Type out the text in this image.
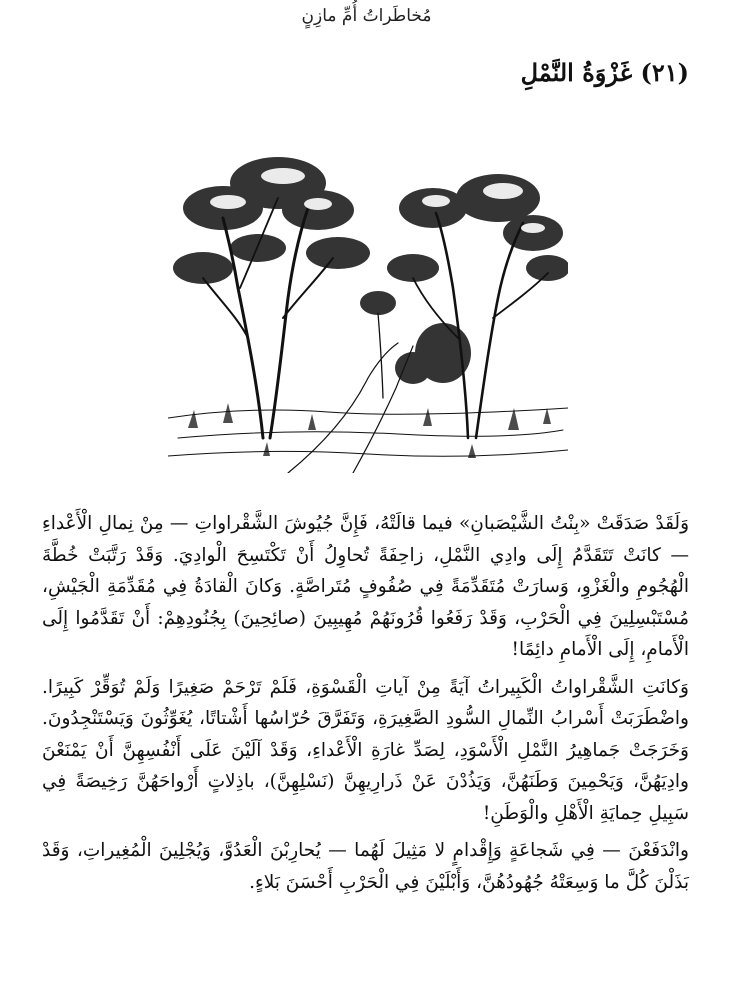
مُخاطَراتُ أُمِّ مازِنٍ
(٢١) غَزْوَةُ النَّمْلِ

وَلَقَدْ صَدَقَتْ «بِنْتُ الشَّيْصَبانِ» فيما قالَتْهُ، فَإِنَّ جُيُوشَ الشَّقْراواتِ — مِنْ نِمالِ الْأَعْداءِ — كانَتْ تَتَقَدَّمُ إِلَى وادِي النَّمْلِ، زاحِفَةً تُحاوِلُ أَنْ تَكْتَسِحَ الْوادِيَ. وَقَدْ رَتَّبَتْ خُطَّةَ الْهُجُومِ والْغَزْوِ، وَسارَتْ مُتَقَدِّمَةً فِي صُفُوفٍ مُتَراصَّةٍ. وَكانَ الْقادَةُ فِي مُقَدِّمَةِ الْجَيْشِ، مُسْتَبْسِلِينَ فِي الْحَرْبِ، وَقَدْ رَفَعُوا قُرُونَهُمْ مُهِيبِينَ (صائِحِينَ) بِجُنُودِهِمْ: أَنْ تَقَدَّمُوا إِلَى الْأَمامِ، إِلَى الْأَمامِ دائِمًا!

وَكانَتِ الشَّقْراواتُ الْكَبِيراتُ آيَةً مِنْ آياتِ الْقَسْوَةِ، فَلَمْ تَرْحَمْ صَغِيرًا وَلَمْ تُوَقِّرْ كَبِيرًا. واضْطَرَبَتْ أَسْرابُ النِّمالِ السُّودِ الصَّغِيرَةِ، وَتَفَرَّقَ حُرّاسُها أَشْتاتًا، يُغَوِّثُونَ وَيَسْتَنْجِدُونَ. وَخَرَجَتْ جَماهِيرُ النَّمْلِ الْأَسْوَدِ، لِصَدِّ غارَةِ الْأَعْداءِ، وَقَدْ آلَيْنَ عَلَى أَنْفُسِهِنَّ أَنْ يَمْنَعْنَ وادِيَهُنَّ، وَيَحْمِينَ وَطَنَهُنَّ، وَيَذُدْنَ عَنْ ذَرارِيهِنَّ (نَسْلِهِنَّ)، باذِلاتٍ أَرْواحَهُنَّ رَخِيصَةً فِي سَبِيلِ حِمايَةِ الْأَهْلِ والْوَطَنِ!

وانْدَفَعْنَ — فِي شَجاعَةٍ وَإِقْدامٍ لا مَثِيلَ لَهُما — يُحارِبْنَ الْعَدُوَّ، وَيُجْلِينَ الْمُغِيراتِ، وَقَدْ بَذَلْنَ كُلَّ ما وَسِعَتْهُ جُهُودُهُنَّ، وَأَبْلَيْنَ فِي الْحَرْبِ أَحْسَنَ بَلاءٍ.
